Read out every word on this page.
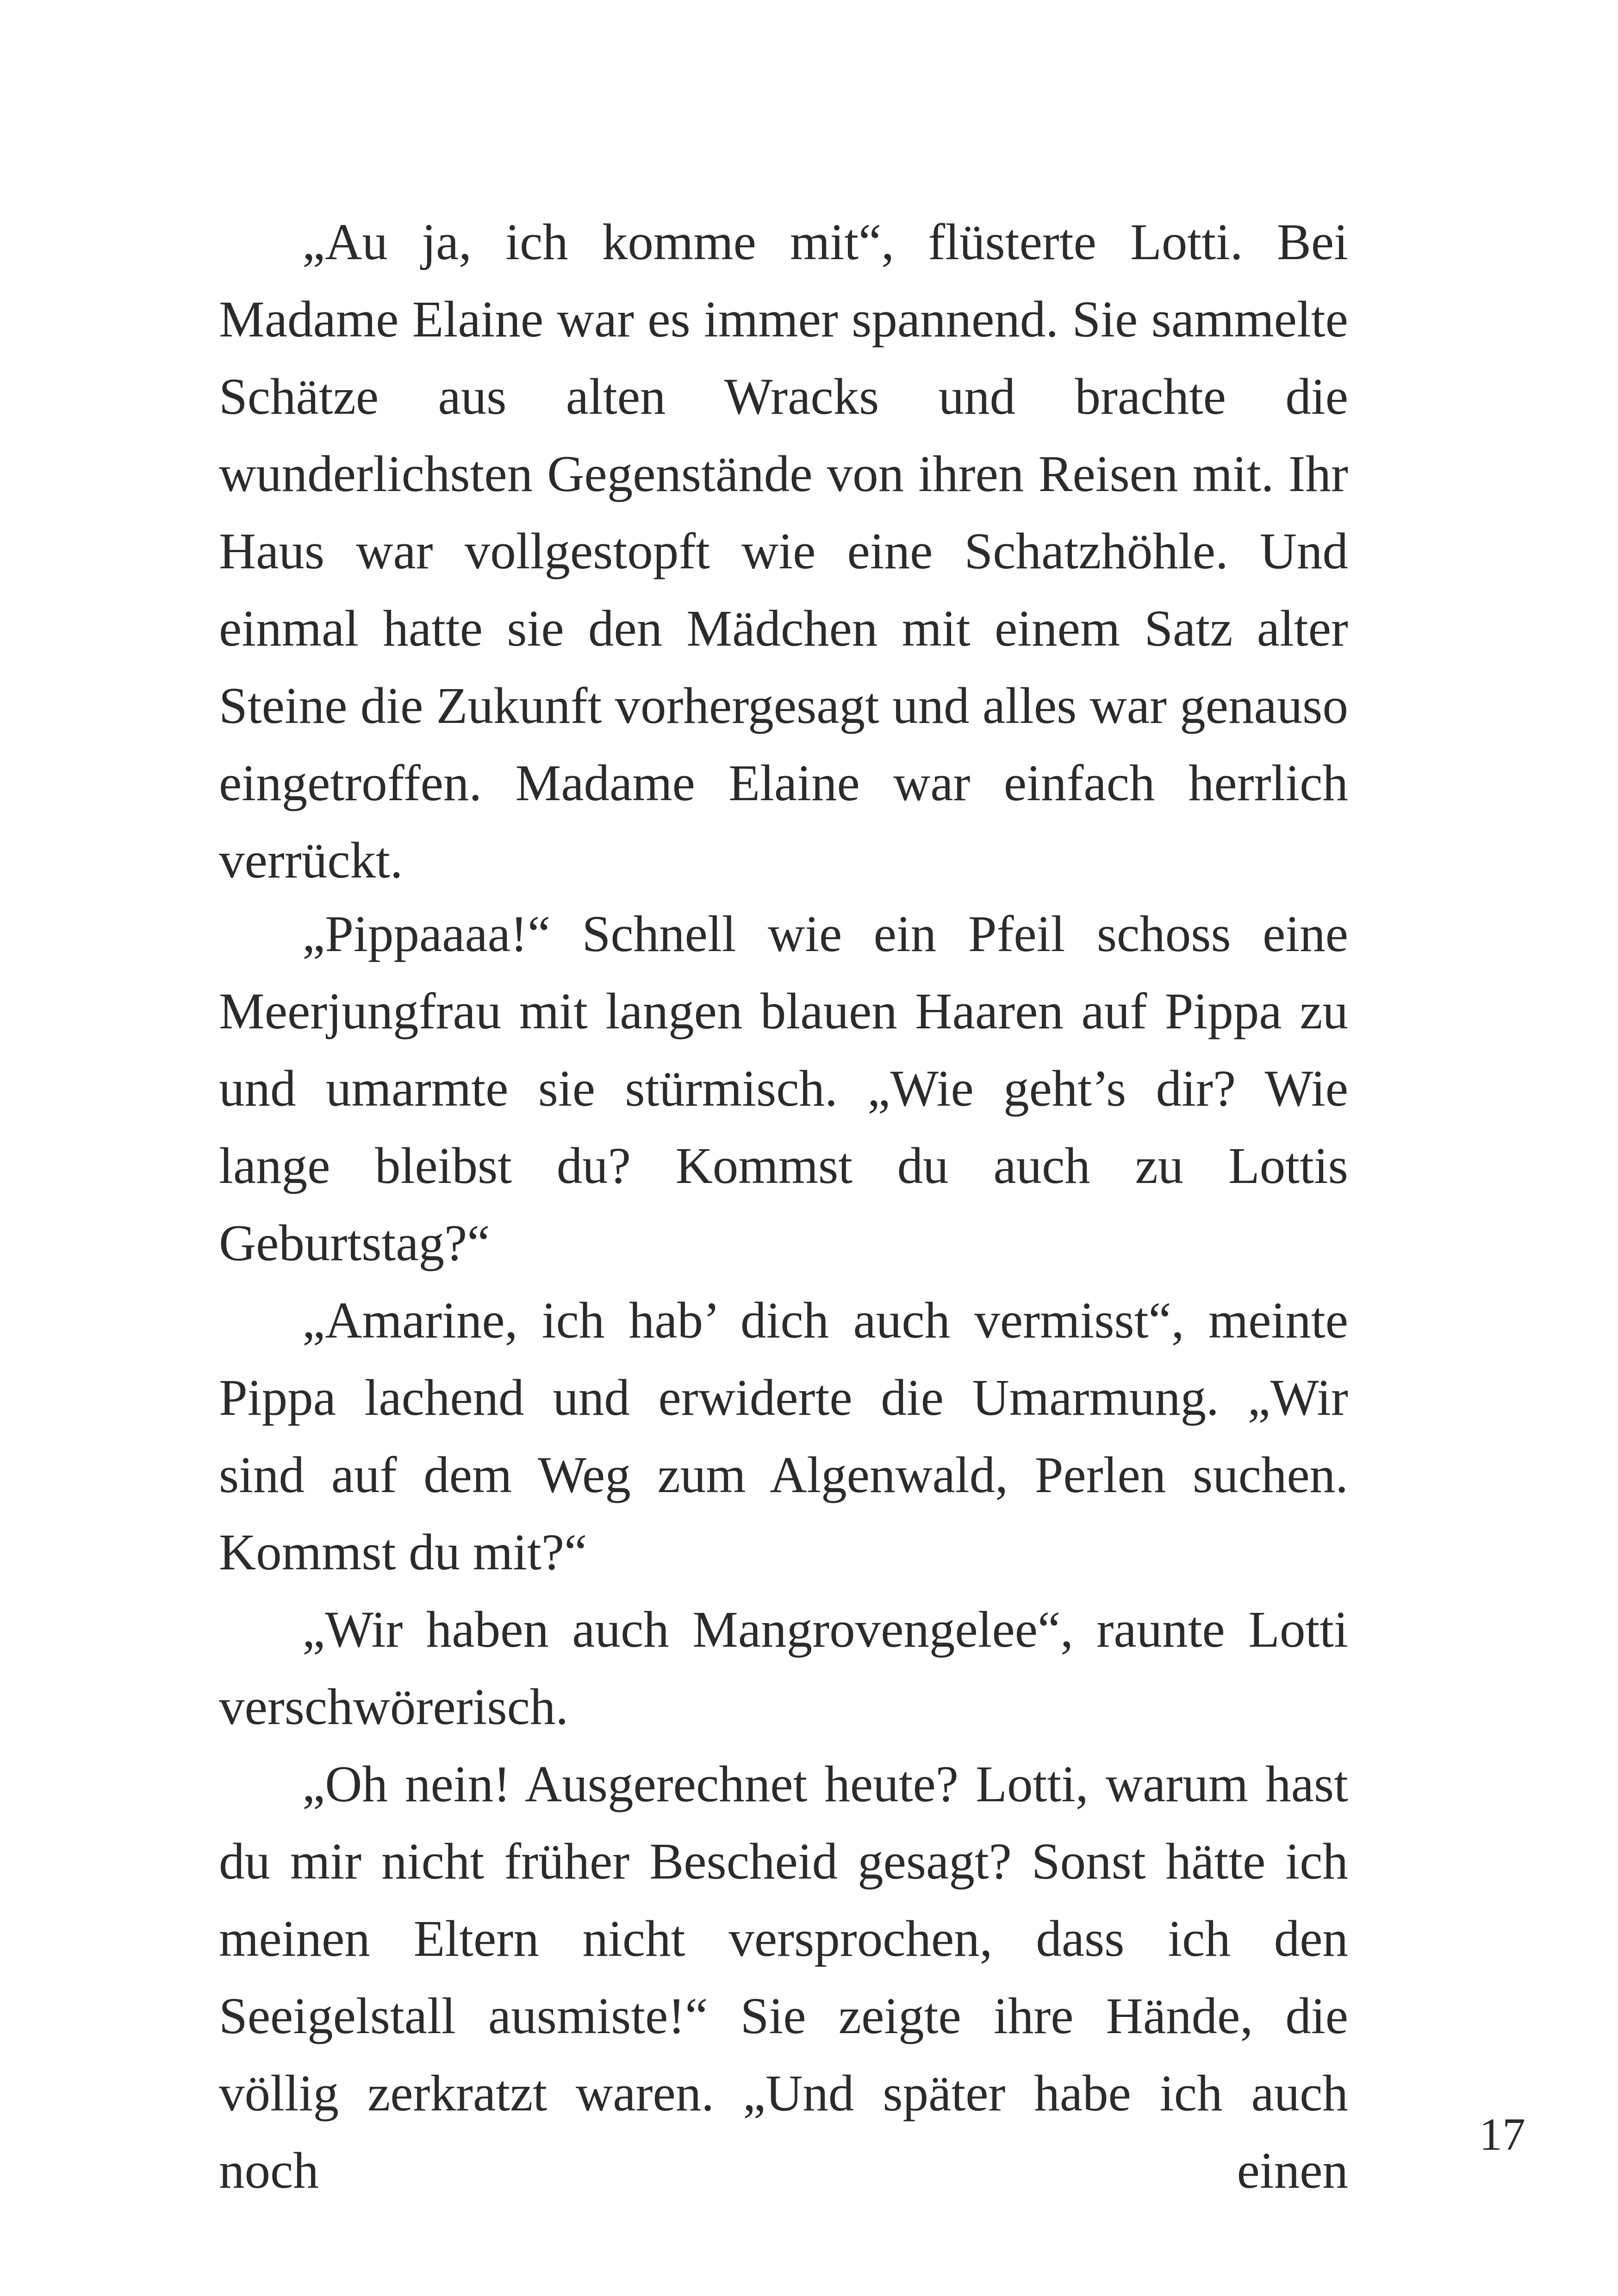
„Au ja, ich komme mit“, flüsterte Lotti. Bei Madame Elaine war es immer spannend. Sie sammelte Schätze aus alten Wracks und brachte die wunderlichsten Gegenstände von ihren Reisen mit. Ihr Haus war vollgestopft wie eine Schatzhöhle. Und einmal hatte sie den Mädchen mit einem Satz alter Steine die Zukunft vorhergesagt und alles war genauso eingetroffen. Madame Elaine war einfach herrlich verrückt.

„Pippaaaa!“ Schnell wie ein Pfeil schoss eine Meerjungfrau mit langen blauen Haaren auf Pippa zu und umarmte sie stürmisch. „Wie geht’s dir? Wie lange bleibst du? Kommst du auch zu Lottis Geburtstag?“

„Amarine, ich hab’ dich auch vermisst“, meinte Pippa lachend und erwiderte die Umarmung. „Wir sind auf dem Weg zum Algenwald, Perlen suchen. Kommst du mit?“

„Wir haben auch Mangrovengelee“, raunte Lotti verschwörerisch.

„Oh nein! Ausgerechnet heute? Lotti, warum hast du mir nicht früher Bescheid gesagt? Sonst hätte ich meinen Eltern nicht versprochen, dass ich den Seeigelstall ausmiste!“ Sie zeigte ihre Hände, die völlig zerkratzt waren. „Und später habe ich auch noch einen

17
